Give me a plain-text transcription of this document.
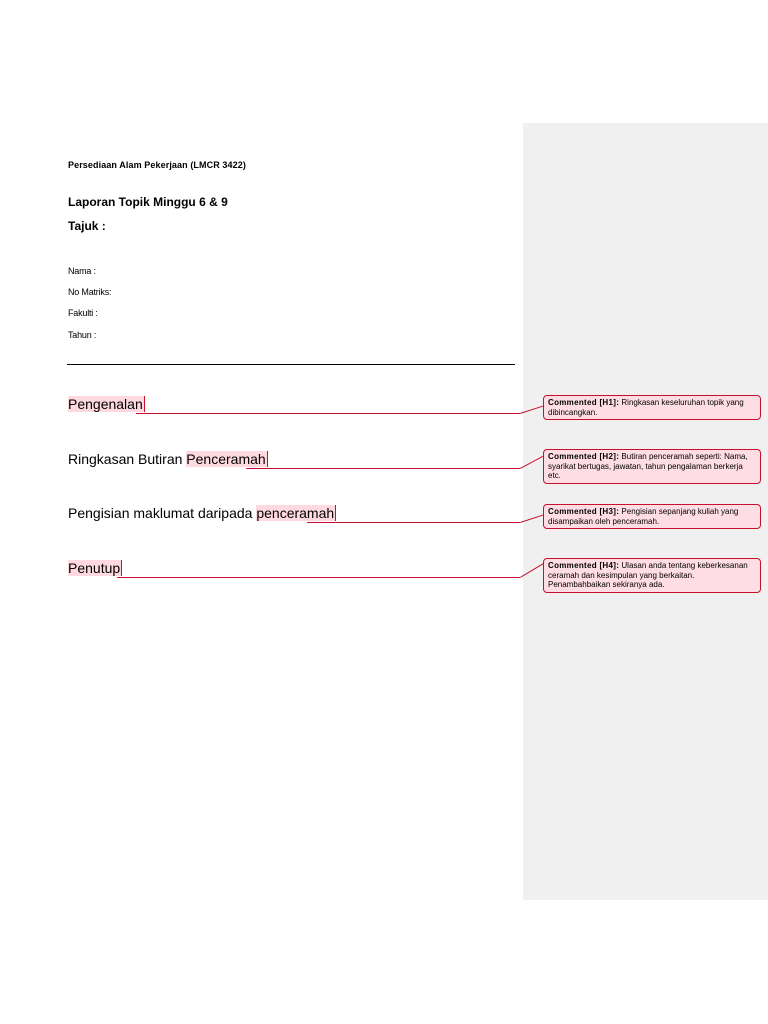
Persediaan Alam Pekerjaan (LMCR 3422)
Laporan Topik Minggu 6 & 9
Tajuk :
Nama :
No Matriks:
Fakulti :
Tahun :
Pengenalan
Ringkasan Butiran Penceramah
Pengisian maklumat daripada penceramah
Penutup
Commented [H1]: Ringkasan keseluruhan topik yang dibincangkan.
Commented [H2]: Butiran penceramah seperti: Nama, syarikat bertugas, jawatan, tahun pengalaman berkerja etc.
Commented [H3]: Pengisian sepanjang kuliah yang disampaikan oleh penceramah.
Commented [H4]: Ulasan anda tentang keberkesanan ceramah dan kesimpulan yang berkaitan. Penambahbaikan sekiranya ada.
